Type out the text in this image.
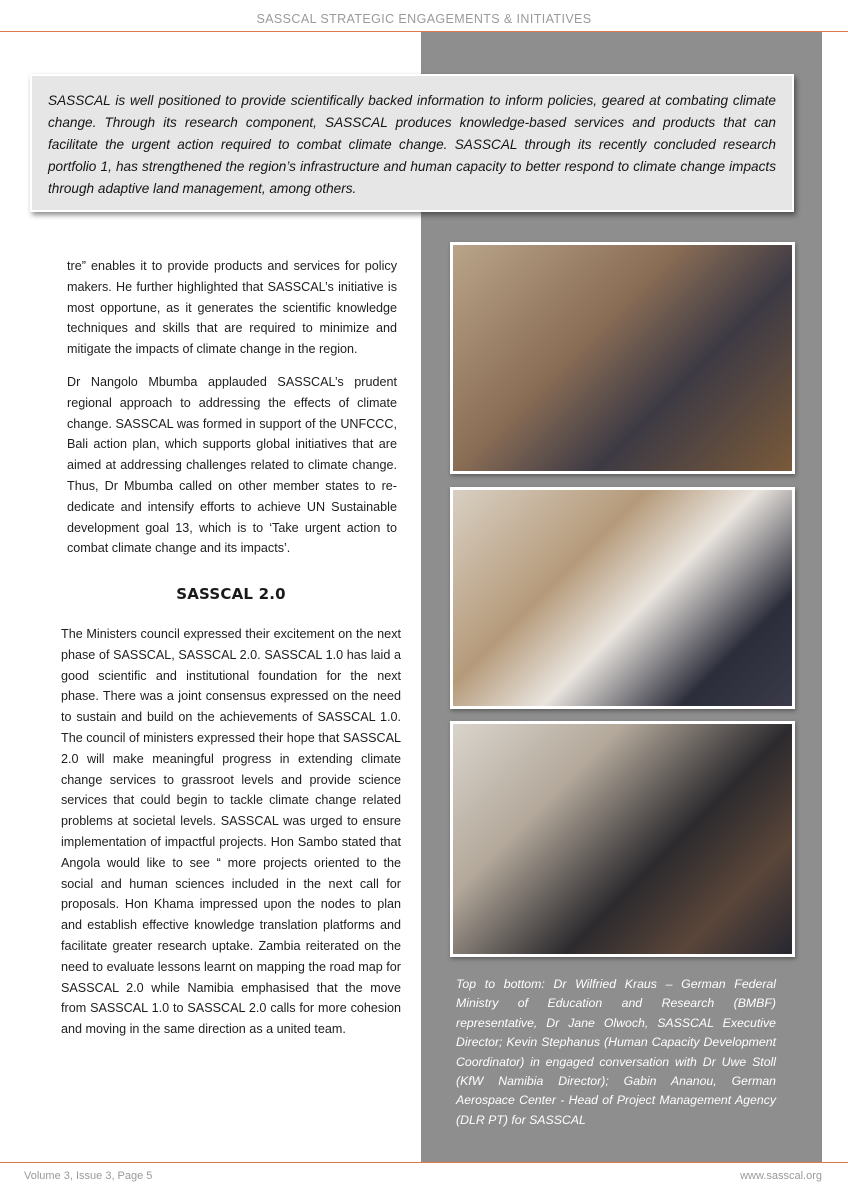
SASSCAL STRATEGIC ENGAGEMENTS & INITIATIVES

SASSCAL is well positioned to provide scientifically backed information to inform policies, geared at combating climate change. Through its research component, SASSCAL produces knowledge-based services and products that can facilitate the urgent action required to combat climate change. SASSCAL through its recently concluded research portfolio 1, has strengthened the region’s infrastructure and human capacity to better respond to climate change impacts through adaptive land management, among others.

tre” enables it to provide products and services for policy makers. He further highlighted that SASSCAL’s initiative is most opportune, as it generates the scientific knowledge techniques and skills that are required to minimize and mitigate the impacts of climate change in the region.

Dr Nangolo Mbumba applauded SASSCAL’s prudent regional approach to addressing the effects of climate change. SASSCAL was formed in support of the UNFCCC, Bali action plan, which supports global initiatives that are aimed at addressing challenges related to climate change. Thus, Dr Mbumba called on other member states to re-dedicate and intensify efforts to achieve UN Sustainable development goal 13, which is to ‘Take urgent action to combat climate change and its impacts’.

SASSCAL 2.0

The Ministers council expressed their excitement on the next phase of SASSCAL, SASSCAL 2.0. SASSCAL 1.0 has laid a good scientific and institutional foundation for the next phase. There was a joint consensus expressed on the need to sustain and build on the achievements of SASSCAL 1.0. The council of ministers expressed their hope that SASSCAL 2.0 will make meaningful progress in extending climate change services to grassroot levels and provide science services that could begin to tackle climate change related problems at societal levels. SASSCAL was urged to ensure implementation of impactful projects. Hon Sambo stated that Angola would like to see “ more projects oriented to the social and human sciences included in the next call for proposals. Hon Khama impressed upon the nodes to plan and establish effective knowledge translation platforms and facilitate greater research uptake. Zambia reiterated on the need to evaluate lessons learnt on mapping the road map for SASSCAL 2.0 while Namibia emphasised that the move from SASSCAL 1.0 to SASSCAL 2.0 calls for more cohesion and moving in the same direction as a united team.

Top to bottom: Dr Wilfried Kraus – German Federal Ministry of Education and Research (BMBF) representative, Dr Jane Olwoch, SASSCAL Executive Director; Kevin Stephanus (Human Capacity Development Coordinator) in engaged conversation with Dr Uwe Stoll (KfW Namibia Director); Gabin Ananou, German Aerospace Center - Head of Project Management Agency (DLR PT) for SASSCAL
Volume 3, Issue 3, Page 5	www.sasscal.org
